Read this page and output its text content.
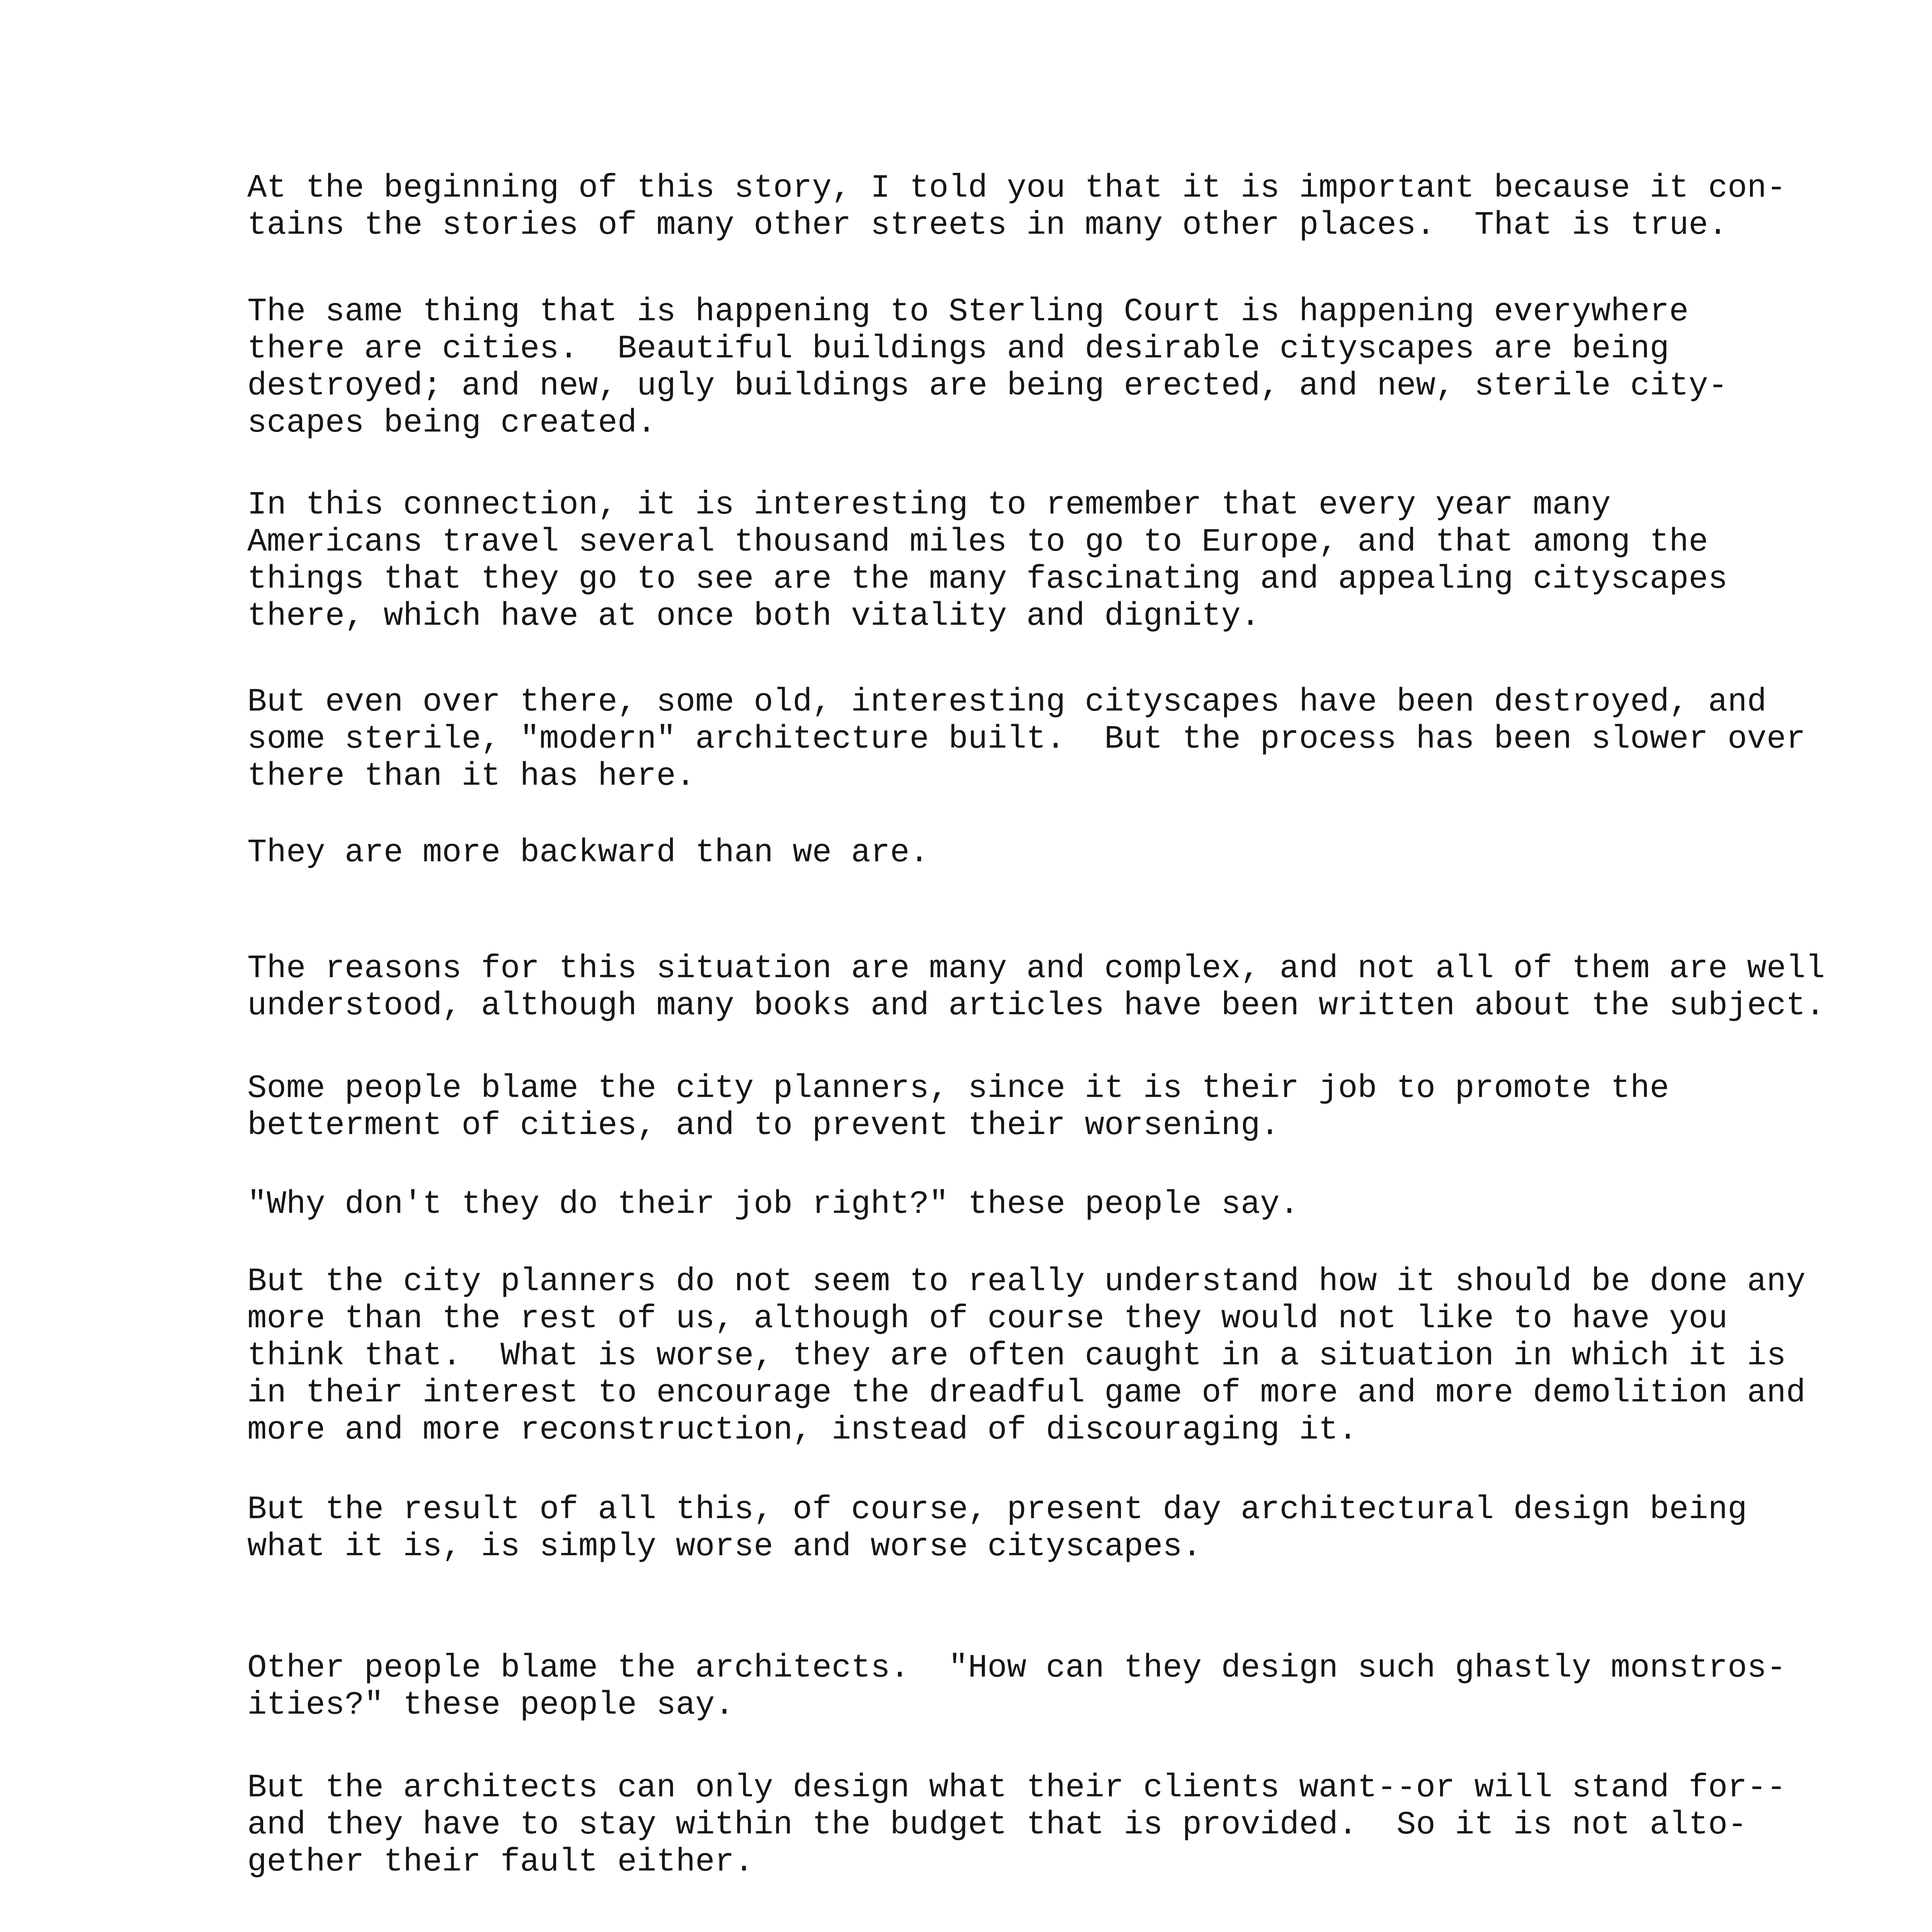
At the beginning of this story, I told you that it is important because it con-
tains the stories of many other streets in many other places.  That is true.

The same thing that is happening to Sterling Court is happening everywhere
there are cities.  Beautiful buildings and desirable cityscapes are being
destroyed; and new, ugly buildings are being erected, and new, sterile city-
scapes being created.

In this connection, it is interesting to remember that every year many
Americans travel several thousand miles to go to Europe, and that among the
things that they go to see are the many fascinating and appealing cityscapes
there, which have at once both vitality and dignity.

But even over there, some old, interesting cityscapes have been destroyed, and
some sterile, "modern" architecture built.  But the process has been slower over
there than it has here.

They are more backward than we are.

The reasons for this situation are many and complex, and not all of them are well
understood, although many books and articles have been written about the subject.

Some people blame the city planners, since it is their job to promote the
betterment of cities, and to prevent their worsening.

"Why don't they do their job right?" these people say.

But the city planners do not seem to really understand how it should be done any
more than the rest of us, although of course they would not like to have you
think that.  What is worse, they are often caught in a situation in which it is
in their interest to encourage the dreadful game of more and more demolition and
more and more reconstruction, instead of discouraging it.

But the result of all this, of course, present day architectural design being
what it is, is simply worse and worse cityscapes.

Other people blame the architects.  "How can they design such ghastly monstros-
ities?" these people say.

But the architects can only design what their clients want--or will stand for--
and they have to stay within the budget that is provided.  So it is not alto-
gether their fault either.
